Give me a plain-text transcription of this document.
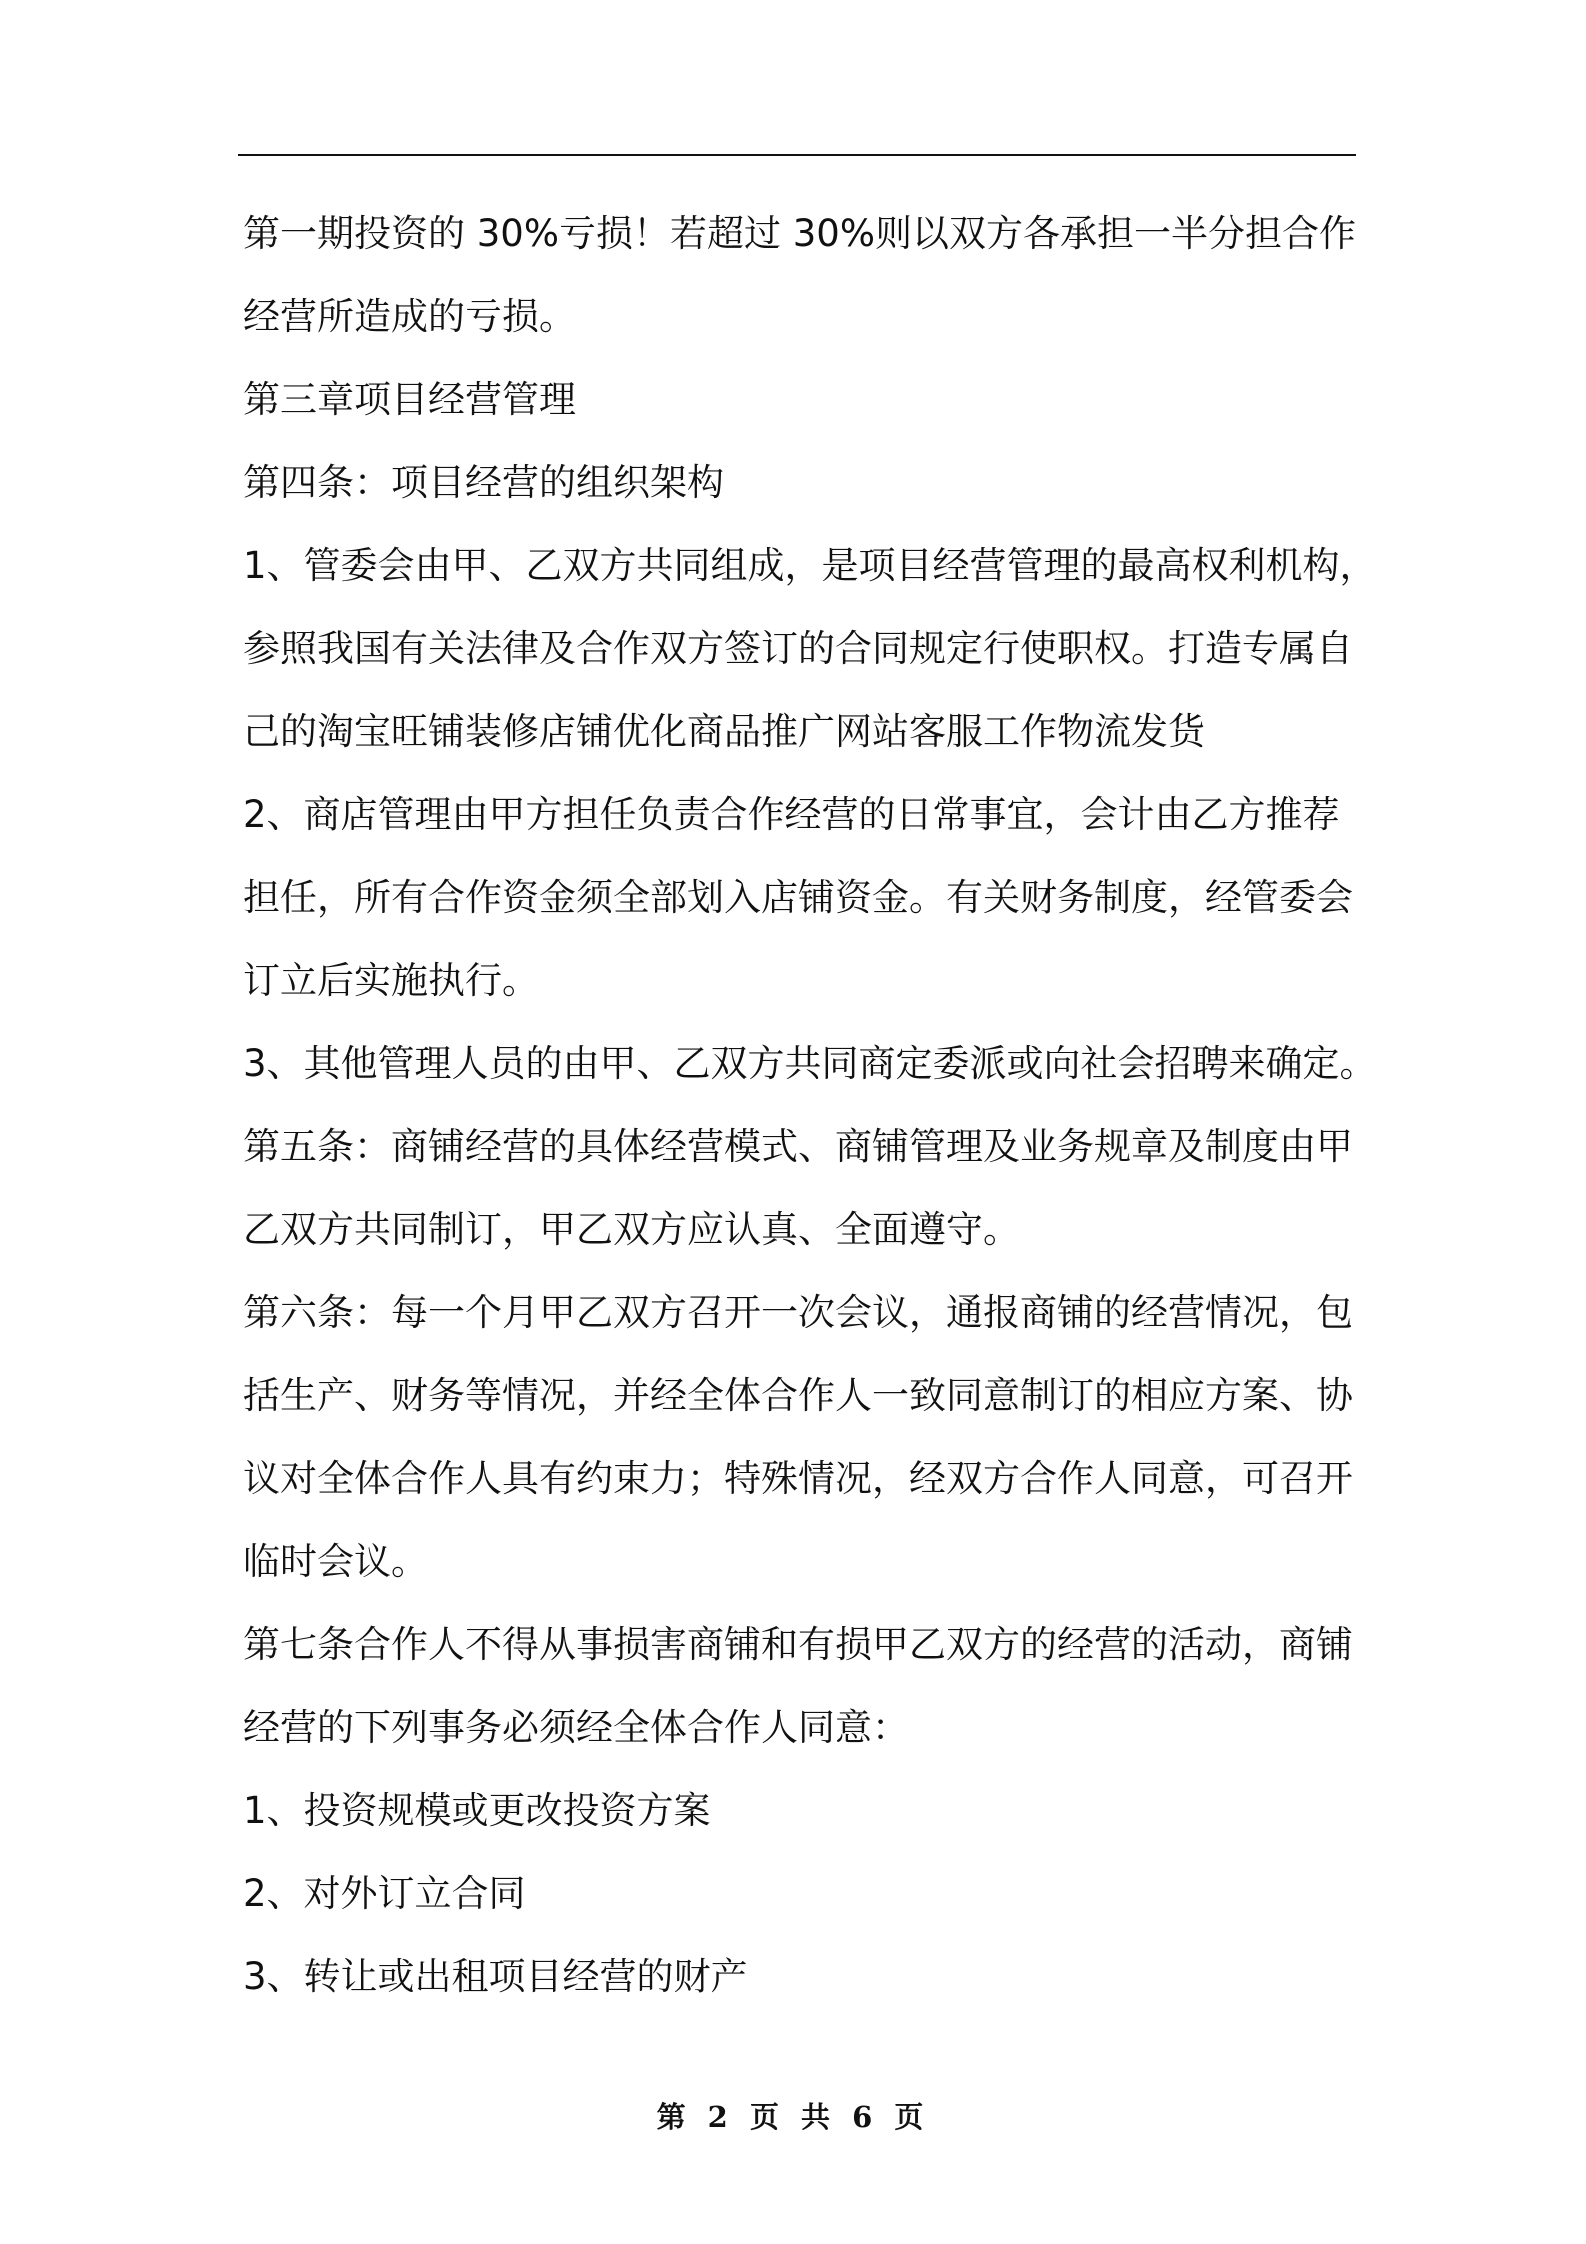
第一期投资的 30%亏损！若超过 30%则以双方各承担一半分担合作
经营所造成的亏损。
第三章项目经营管理
第四条：项目经营的组织架构
1、管委会由甲、乙双方共同组成，是项目经营管理的最高权利机构，
参照我国有关法律及合作双方签订的合同规定行使职权。打造专属自
己的淘宝旺铺装修店铺优化商品推广网站客服工作物流发货
2、商店管理由甲方担任负责合作经营的日常事宜，会计由乙方推荐
担任，所有合作资金须全部划入店铺资金。有关财务制度，经管委会
订立后实施执行。
3、其他管理人员的由甲、乙双方共同商定委派或向社会招聘来确定。
第五条：商铺经营的具体经营模式、商铺管理及业务规章及制度由甲
乙双方共同制订，甲乙双方应认真、全面遵守。
第六条：每一个月甲乙双方召开一次会议，通报商铺的经营情况，包
括生产、财务等情况，并经全体合作人一致同意制订的相应方案、协
议对全体合作人具有约束力；特殊情况，经双方合作人同意，可召开
临时会议。
第七条合作人不得从事损害商铺和有损甲乙双方的经营的活动，商铺
经营的下列事务必须经全体合作人同意：
1、投资规模或更改投资方案
2、对外订立合同
3、转让或出租项目经营的财产
第 2 页 共 6 页
